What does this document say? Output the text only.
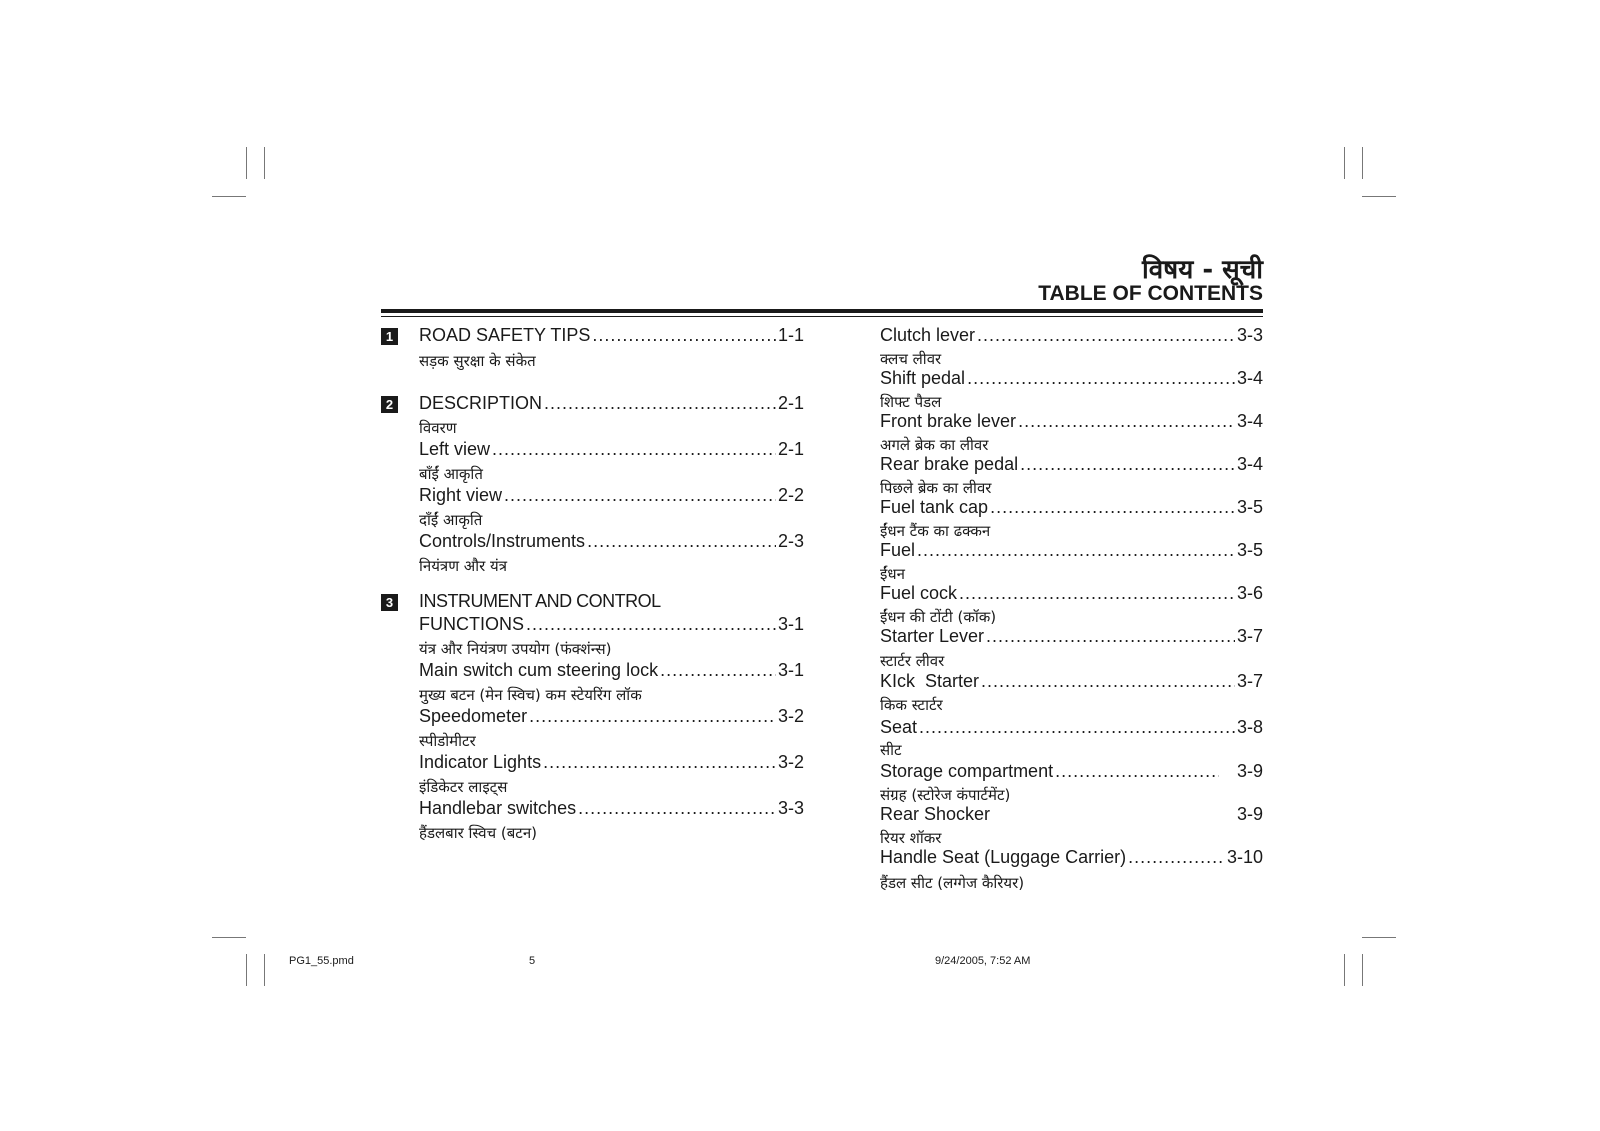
विषय - सूची
TABLE OF CONTENTS
1 ROAD SAFETY TIPS .....	1-1
सड़क सुरक्षा के संकेत
2 DESCRIPTION .....	2-1
विवरण
Left view .....	2-1
बाँईं आकृति
Right view .....	2-2
दाँईं आकृति
Controls/Instruments .....	2-3
नियंत्रण और यंत्र
3 INSTRUMENT AND CONTROL
FUNCTIONS .....	3-1
यंत्र और नियंत्रण उपयोग (फंक्शंन्स)
Main switch cum steering lock .....	3-1
मुख्य बटन (मेन स्विच) कम स्टेयरिंग लॉक
Speedometer .....	3-2
स्पीडोमीटर
Indicator Lights .....	3-2
इंडिकेटर लाइट्स
Handlebar switches .....	3-3
हैंडलबार स्विच (बटन)
Clutch lever .....	3-3
क्लच लीवर
Shift pedal .....	3-4
शिफ्ट पैडल
Front brake lever .....	3-4
अगले ब्रेक का लीवर
Rear brake pedal .....	3-4
पिछले ब्रेक का लीवर
Fuel tank cap .....	3-5
ईंधन टैंक का ढक्कन
Fuel .....	3-5
ईंधन
Fuel cock .....	3-6
ईंधन की टोंटी (कॉक)
Starter Lever .....	3-7
स्टार्टर लीवर
KIck  Starter .....	3-7
किक स्टार्टर
Seat .....	3-8
सीट
Storage compartment .....	3-9
संग्रह (स्टोरेज कंपार्टमेंट)
Rear Shocker	3-9
रियर शॉकर
Handle Seat (Luggage Carrier) .....	3-10
हैंडल सीट (लग्गेज कैरियर)
PG1_55.pmd	5	9/24/2005, 7:52 AM
